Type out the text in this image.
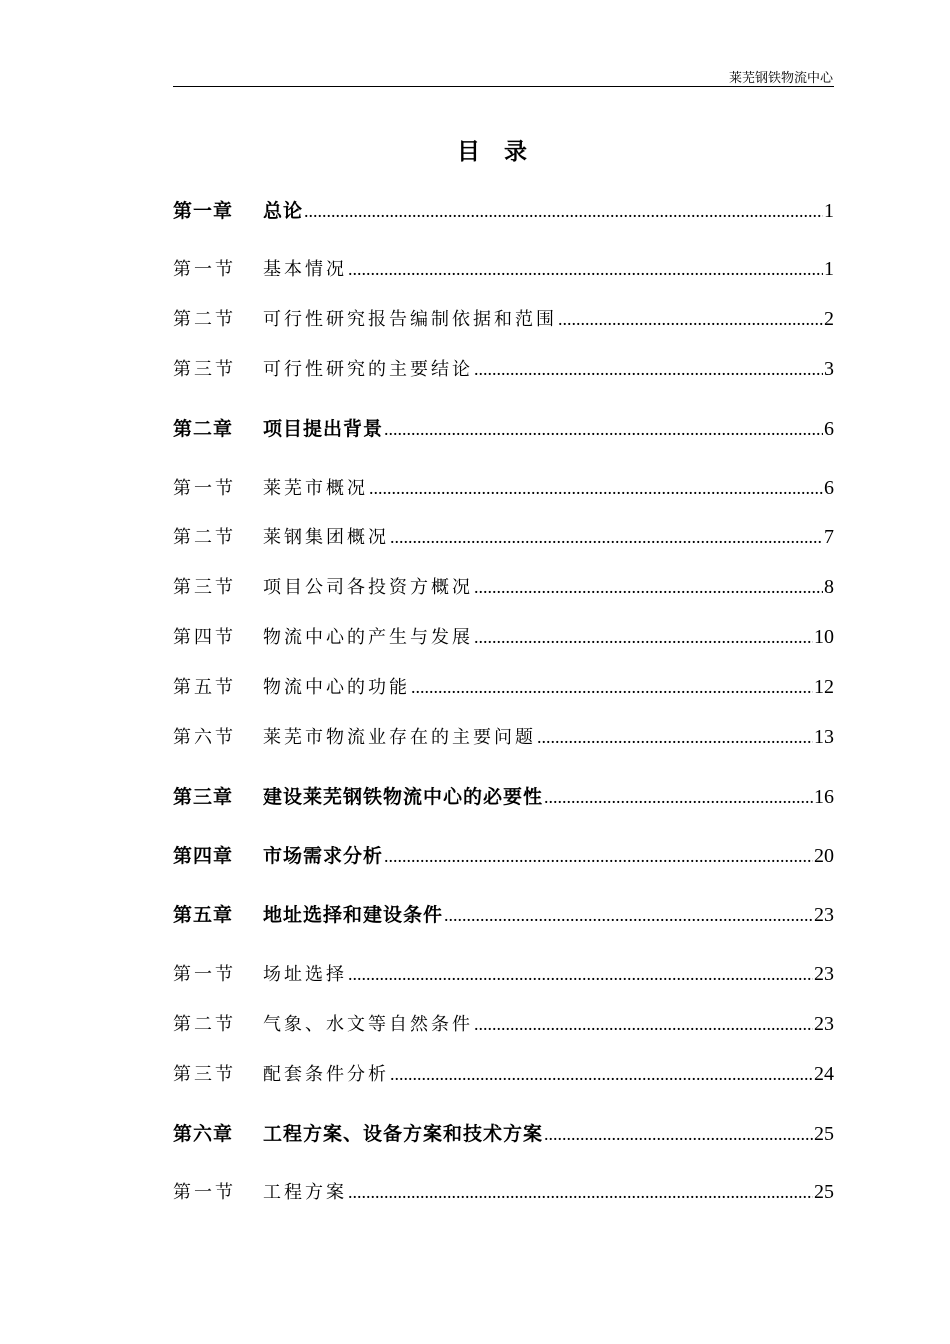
莱芜钢铁物流中心
目录
第一章	总论 .....	1
第一节	基本情况 .....	1
第二节	可行性研究报告编制依据和范围 .....	2
第三节	可行性研究的主要结论 .....	3
第二章	项目提出背景 .....	6
第一节	莱芜市概况 .....	6
第二节	莱钢集团概况 .....	7
第三节	项目公司各投资方概况 .....	8
第四节	物流中心的产生与发展 .....	10
第五节	物流中心的功能 .....	12
第六节	莱芜市物流业存在的主要问题 .....	13
第三章	建设莱芜钢铁物流中心的必要性 .....	16
第四章	市场需求分析 .....	20
第五章	地址选择和建设条件 .....	23
第一节	场址选择 .....	23
第二节	气象、水文等自然条件 .....	23
第三节	配套条件分析 .....	24
第六章	工程方案、设备方案和技术方案 .....	25
第一节	工程方案 .....	25
